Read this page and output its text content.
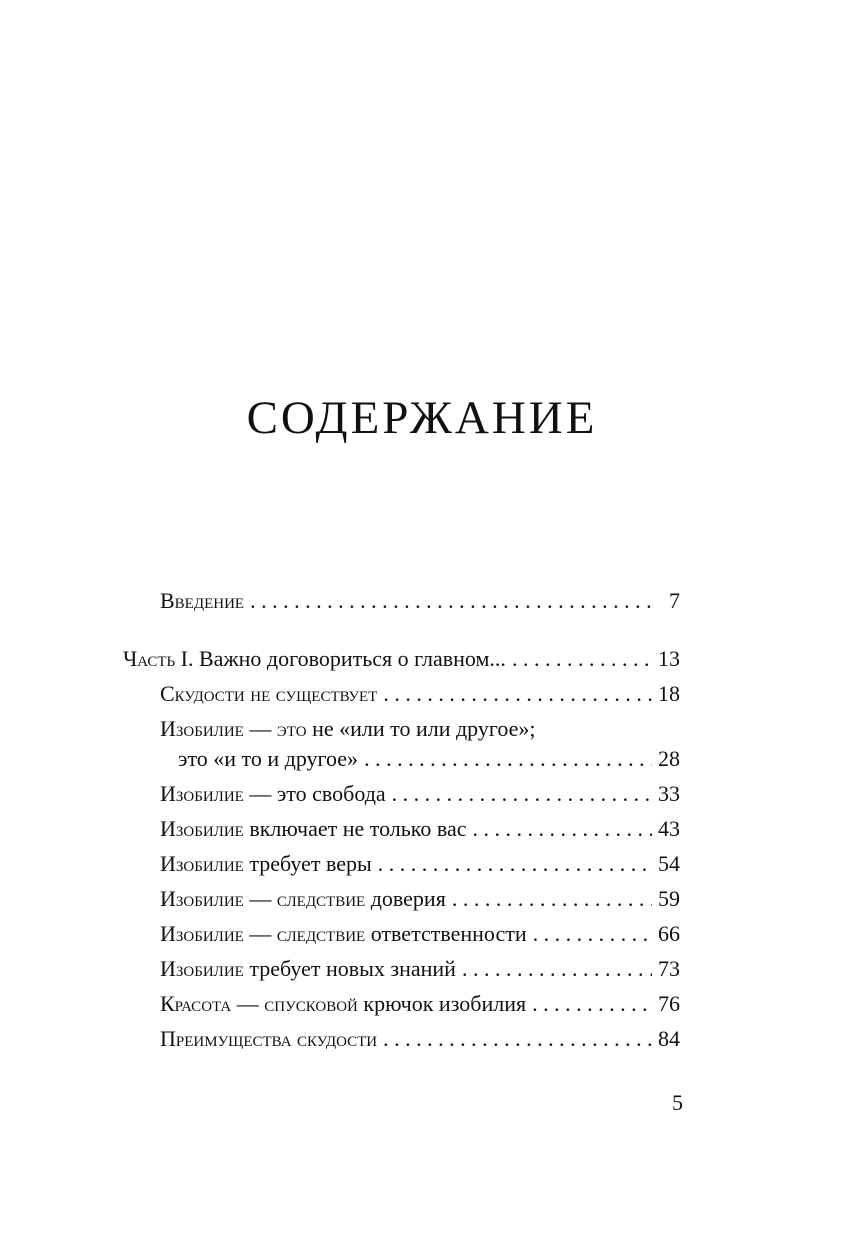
СОДЕРЖАНИЕ
Введение . . .	7
Часть I. Важно договориться о главном... . . .	13
Скудости не существует . . .	18
Изобилие — это не «или то или другое»;
это «и то и другое» . . .	28
Изобилие — это свобода . . .	33
Изобилие включает не только вас . . .	43
Изобилие требует веры . . .	54
Изобилие — следствие доверия . . .	59
Изобилие — следствие ответственности . . .	66
Изобилие требует новых знаний . . .	73
Красота — спусковой крючок изобилия . . .	76
Преимущества скудости . . .	84
5
